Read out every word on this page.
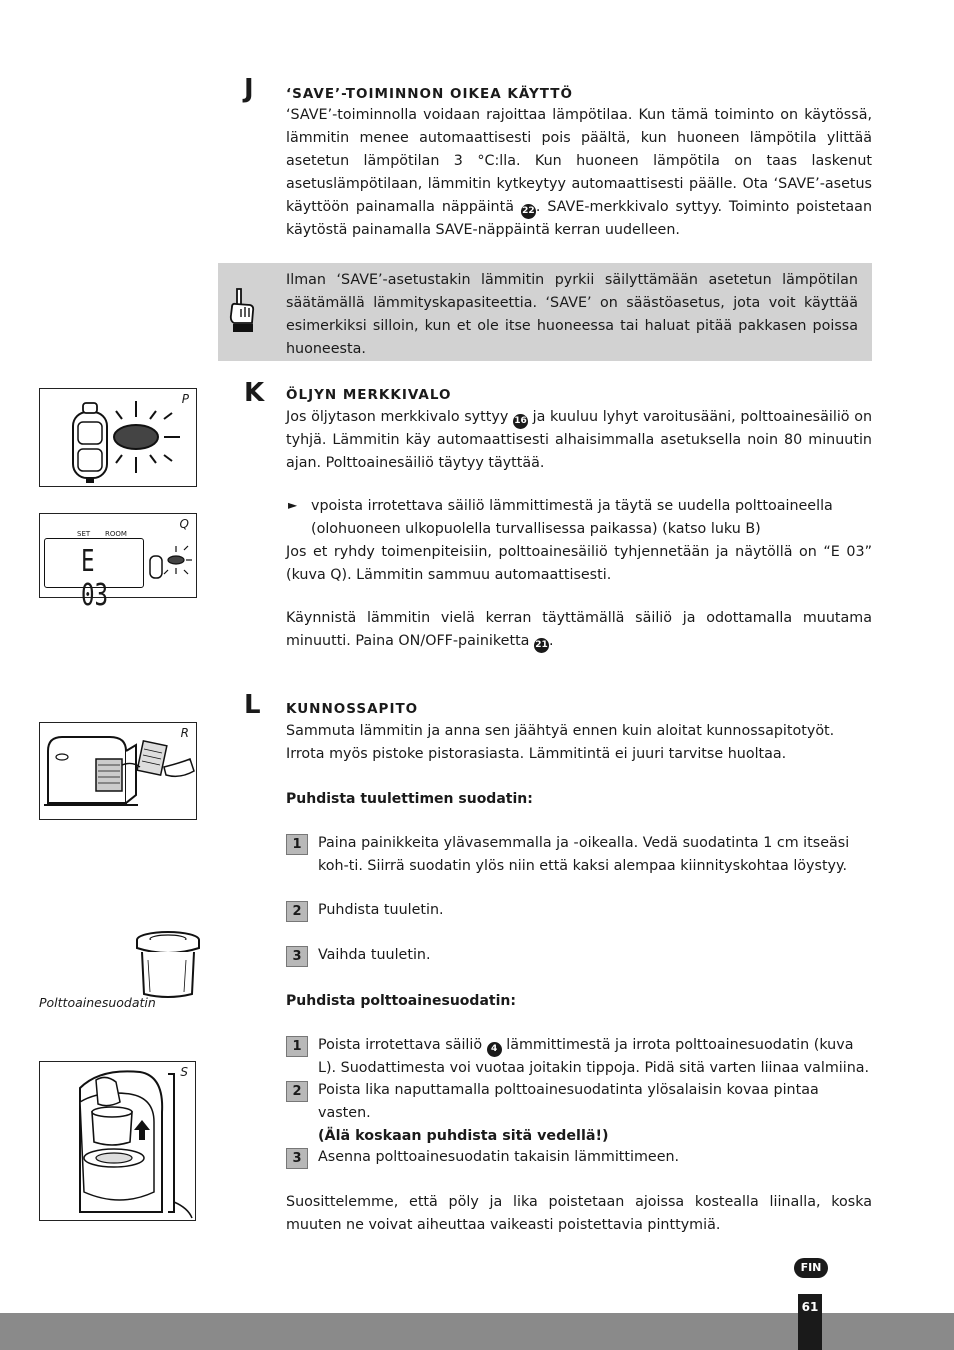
J ‘SAVE’-TOIMINNON OIKEA KÄYTTÖ
‘SAVE’-toiminnolla voidaan rajoittaa lämpötilaa. Kun tämä toiminto on käytössä, lämmitin menee automaattisesti pois päältä, kun huoneen lämpötila ylittää asetetun lämpötilan 3 °C:lla. Kun huoneen lämpötila on taas laskenut asetuslämpötilaan, lämmitin kytkeytyy automaattisesti päälle. Ota ‘SAVE’-asetus käyttöön painamalla näppäintä 22. SAVE-merkkivalo syttyy. Toiminto poistetaan käytöstä painamalla SAVE-näppäintä kerran uudelleen.
Ilman ‘SAVE’-asetustakin lämmitin pyrkii säilyttämään asetetun lämpötilan säätämällä lämmityskapasiteettia. ‘SAVE’ on säästöasetus, jota voit käyttää esimerkiksi silloin, kun et ole itse huoneessa tai haluat pitää pakkasen poissa huoneesta.
K ÖLJYN MERKKIVALO
Jos öljytason merkkivalo syttyy 16 ja kuuluu lyhyt varoitusääni, polttoainesäiliö on tyhjä. Lämmitin käy automaattisesti alhaisimmalla asetuksella noin 80 minuutin ajan. Polttoainesäiliö täytyy täyttää.
► vpoista irrotettava säiliö lämmittimestä ja täytä se uudella polttoaineella (olohuoneen ulkopuolella turvallisessa paikassa) (katso luku B)
Jos et ryhdy toimenpiteisiin, polttoainesäiliö tyhjennetään ja näytöllä on “E 03” (kuva Q). Lämmitin sammuu automaattisesti.
Käynnistä lämmitin vielä kerran täyttämällä säiliö ja odottamalla muutama minuutti. Paina ON/OFF-painiketta 21.
L KUNNOSSAPITO
Sammuta lämmitin ja anna sen jäähtyä ennen kuin aloitat kunnossapitotyöt. Irrota myös pistoke pistorasiasta. Lämmitintä ei juuri tarvitse huoltaa.
Puhdista tuulettimen suodatin:
1	Paina painikkeita ylävasemmalla ja -oikealla. Vedä suodatinta 1 cm itseäsi koh-ti. Siirrä suodatin ylös niin että kaksi alempaa kiinnityskohtaa löystyy.
2	Puhdista tuuletin.
3	Vaihda tuuletin.
Puhdista polttoainesuodatin:
1	Poista irrotettava säiliö 4 lämmittimestä ja irrota polttoainesuodatin (kuva L). Suodattimesta voi vuotaa joitakin tippoja. Pidä sitä varten liinaa valmiina.
2	Poista lika naputtamalla polttoainesuodatinta ylösalaisin kovaa pintaa vasten.
(Älä koskaan puhdista sitä vedellä!)
3	Asenna polttoainesuodatin takaisin lämmittimeen.
Suosittelemme, että pöly ja lika poistetaan ajoissa kostealla liinalla, koska muuten ne voivat aiheuttaa vaikeasti poistettavia pinttymiä.
P
Q
SET ROOM
E 03
R
Polttoainesuodatin
S
FIN
61
